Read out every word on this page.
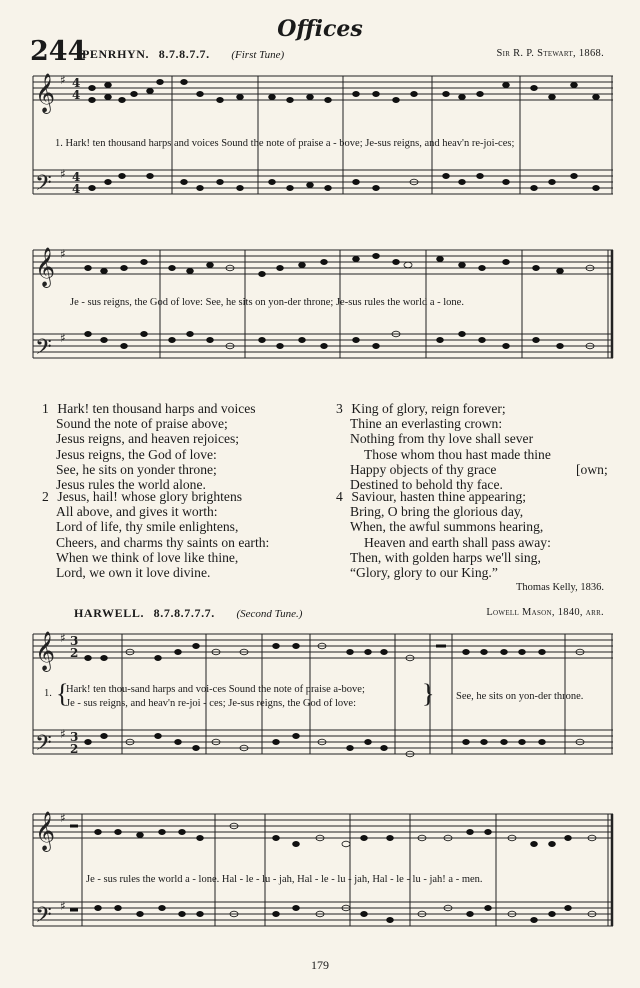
Offices
244
PENRHYN. 8.7.8.7.7. (First Tune)	Sir R. P. Stewart, 1868.
𝄞
𝄢
𝄞
𝄢
𝄞
𝄢
𝄞
𝄢
♯
♯
♯
♯
♯
♯
♯
♯
4
4
4
4
3
2
3
2
1. Hark! ten thousand harps and voices Sound the note of praise a - bove; Je-sus reigns, and heav'n re-joi-ces;
Je - sus reigns, the God of love: See, he sits on yon-der throne; Je-sus rules the world a - lone.
1 Hark! ten thousand harps and voices
Sound the note of praise above;
Jesus reigns, and heaven rejoices;
Jesus reigns, the God of love:
See, he sits on yonder throne;
Jesus rules the world alone.
2 Jesus, hail! whose glory brightens
All above, and gives it worth:
Lord of life, thy smile enlightens,
Cheers, and charms thy saints on earth:
When we think of love like thine,
Lord, we own it love divine.
3 King of glory, reign forever;
Thine an everlasting crown:
Nothing from thy love shall sever
Those whom thou hast made thine
Happy objects of thy grace	[own;
Destined to behold thy face.
4 Saviour, hasten thine appearing;
Bring, O bring the glorious day,
When, the awful summons hearing,
Heaven and earth shall pass away:
Then, with golden harps we'll sing,
“Glory, glory to our King.”
Thomas Kelly, 1836.
HARWELL. 8.7.8.7.7.7. (Second Tune.)	Lowell Mason, 1840, arr.
1. {
Hark! ten thou-sand harps and voi-ces Sound the note of praise a-bove;
Je - sus reigns, and heav'n re-joi - ces; Je-sus reigns, the God of love:	} See, he sits on yon-der throne.
Je - sus rules the world a - lone. Hal - le - lu - jah, Hal - le - lu - jah, Hal - le - lu - jah! a - men.
179
